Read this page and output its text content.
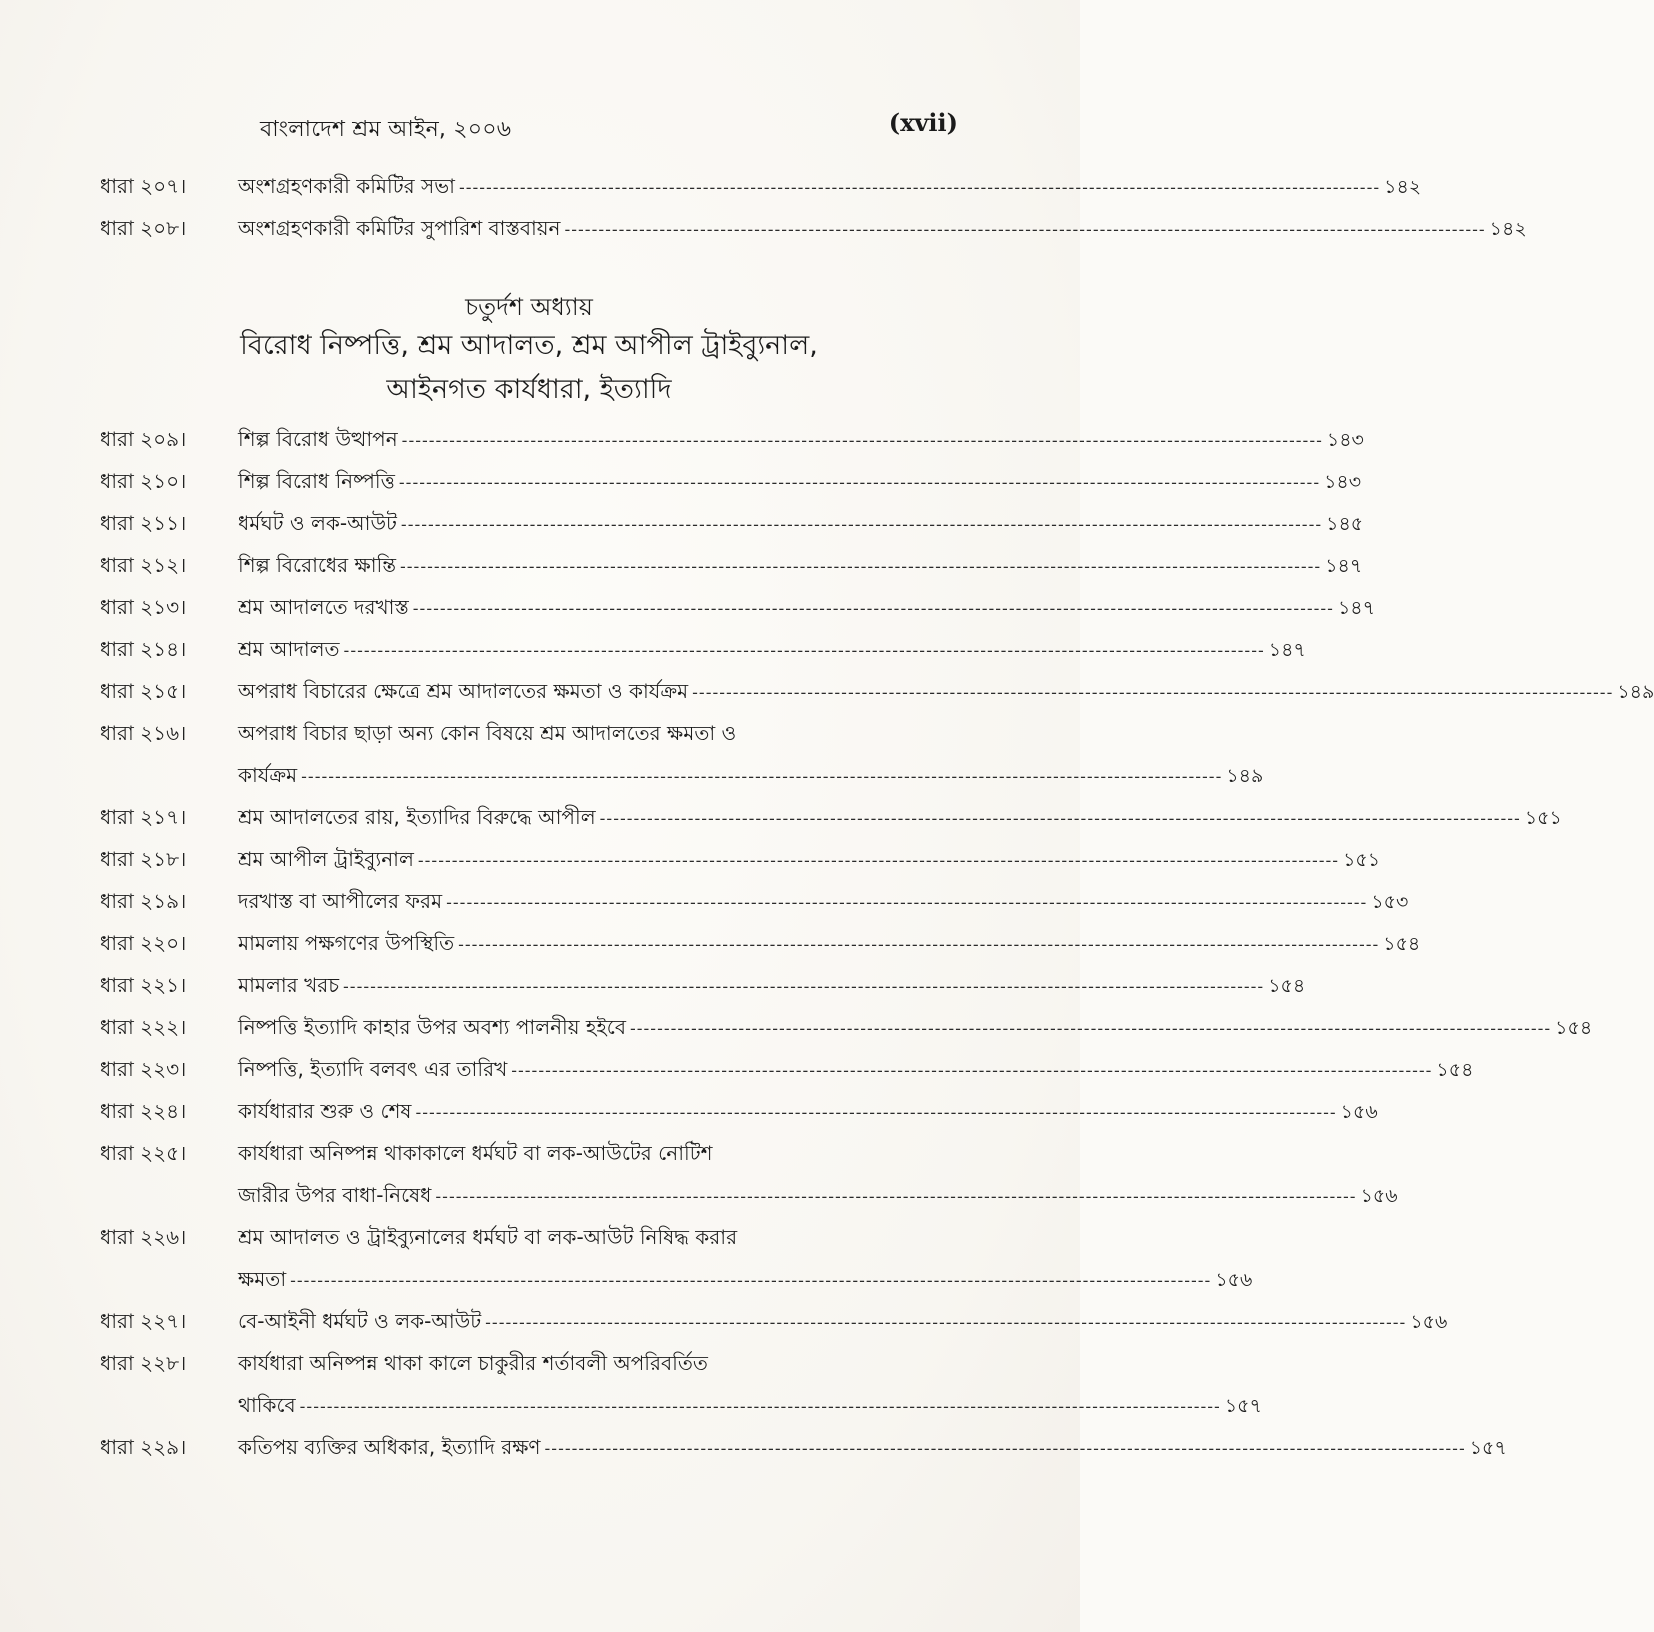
বাংলাদেশ শ্রম আইন, ২০০৬	(xvii)
ধারা ২০৭।	অংশগ্রহণকারী কমিটির সভা -----	১৪২
ধারা ২০৮।	অংশগ্রহণকারী কমিটির সুপারিশ বাস্তবায়ন -----	১৪২
চতুর্দশ অধ্যায়
বিরোধ নিষ্পত্তি, শ্রম আদালত, শ্রম আপীল ট্রাইব্যুনাল,
আইনগত কার্যধারা, ইত্যাদি
ধারা ২০৯।	শিল্প বিরোধ উত্থাপন -----	১৪৩
ধারা ২১০।	শিল্প বিরোধ নিষ্পত্তি -----	১৪৩
ধারা ২১১।	ধর্মঘট ও লক-আউট -----	১৪৫
ধারা ২১২।	শিল্প বিরোধের ক্ষান্তি -----	১৪৭
ধারা ২১৩।	শ্রম আদালতে দরখাস্ত -----	১৪৭
ধারা ২১৪।	শ্রম আদালত -----	১৪৭
ধারা ২১৫।	অপরাধ বিচারের ক্ষেত্রে শ্রম আদালতের ক্ষমতা ও কার্যক্রম -----	১৪৯
ধারা ২১৬।	অপরাধ বিচার ছাড়া অন্য কোন বিষয়ে শ্রম আদালতের ক্ষমতা ও
কার্যক্রম -----	১৪৯
ধারা ২১৭।	শ্রম আদালতের রায়, ইত্যাদির বিরুদ্ধে আপীল -----	১৫১
ধারা ২১৮।	শ্রম আপীল ট্রাইব্যুনাল -----	১৫১
ধারা ২১৯।	দরখাস্ত বা আপীলের ফরম -----	১৫৩
ধারা ২২০।	মামলায় পক্ষগণের উপস্থিতি -----	১৫৪
ধারা ২২১।	মামলার খরচ -----	১৫৪
ধারা ২২২।	নিষ্পত্তি ইত্যাদি কাহার উপর অবশ্য পালনীয় হইবে -----	১৫৪
ধারা ২২৩।	নিষ্পত্তি, ইত্যাদি বলবৎ এর তারিখ -----	১৫৪
ধারা ২২৪।	কার্যধারার শুরু ও শেষ -----	১৫৬
ধারা ২২৫।	কার্যধারা অনিষ্পন্ন থাকাকালে ধর্মঘট বা লক-আউটের নোটিশ
জারীর উপর বাধা-নিষেধ -----	১৫৬
ধারা ২২৬।	শ্রম আদালত ও ট্রাইব্যুনালের ধর্মঘট বা লক-আউট নিষিদ্ধ করার
ক্ষমতা -----	১৫৬
ধারা ২২৭।	বে-আইনী ধর্মঘট ও লক-আউট -----	১৫৬
ধারা ২২৮।	কার্যধারা অনিষ্পন্ন থাকা কালে চাকুরীর শর্তাবলী অপরিবর্তিত
থাকিবে -----	১৫৭
ধারা ২২৯।	কতিপয় ব্যক্তির অধিকার, ইত্যাদি রক্ষণ -----	১৫৭
